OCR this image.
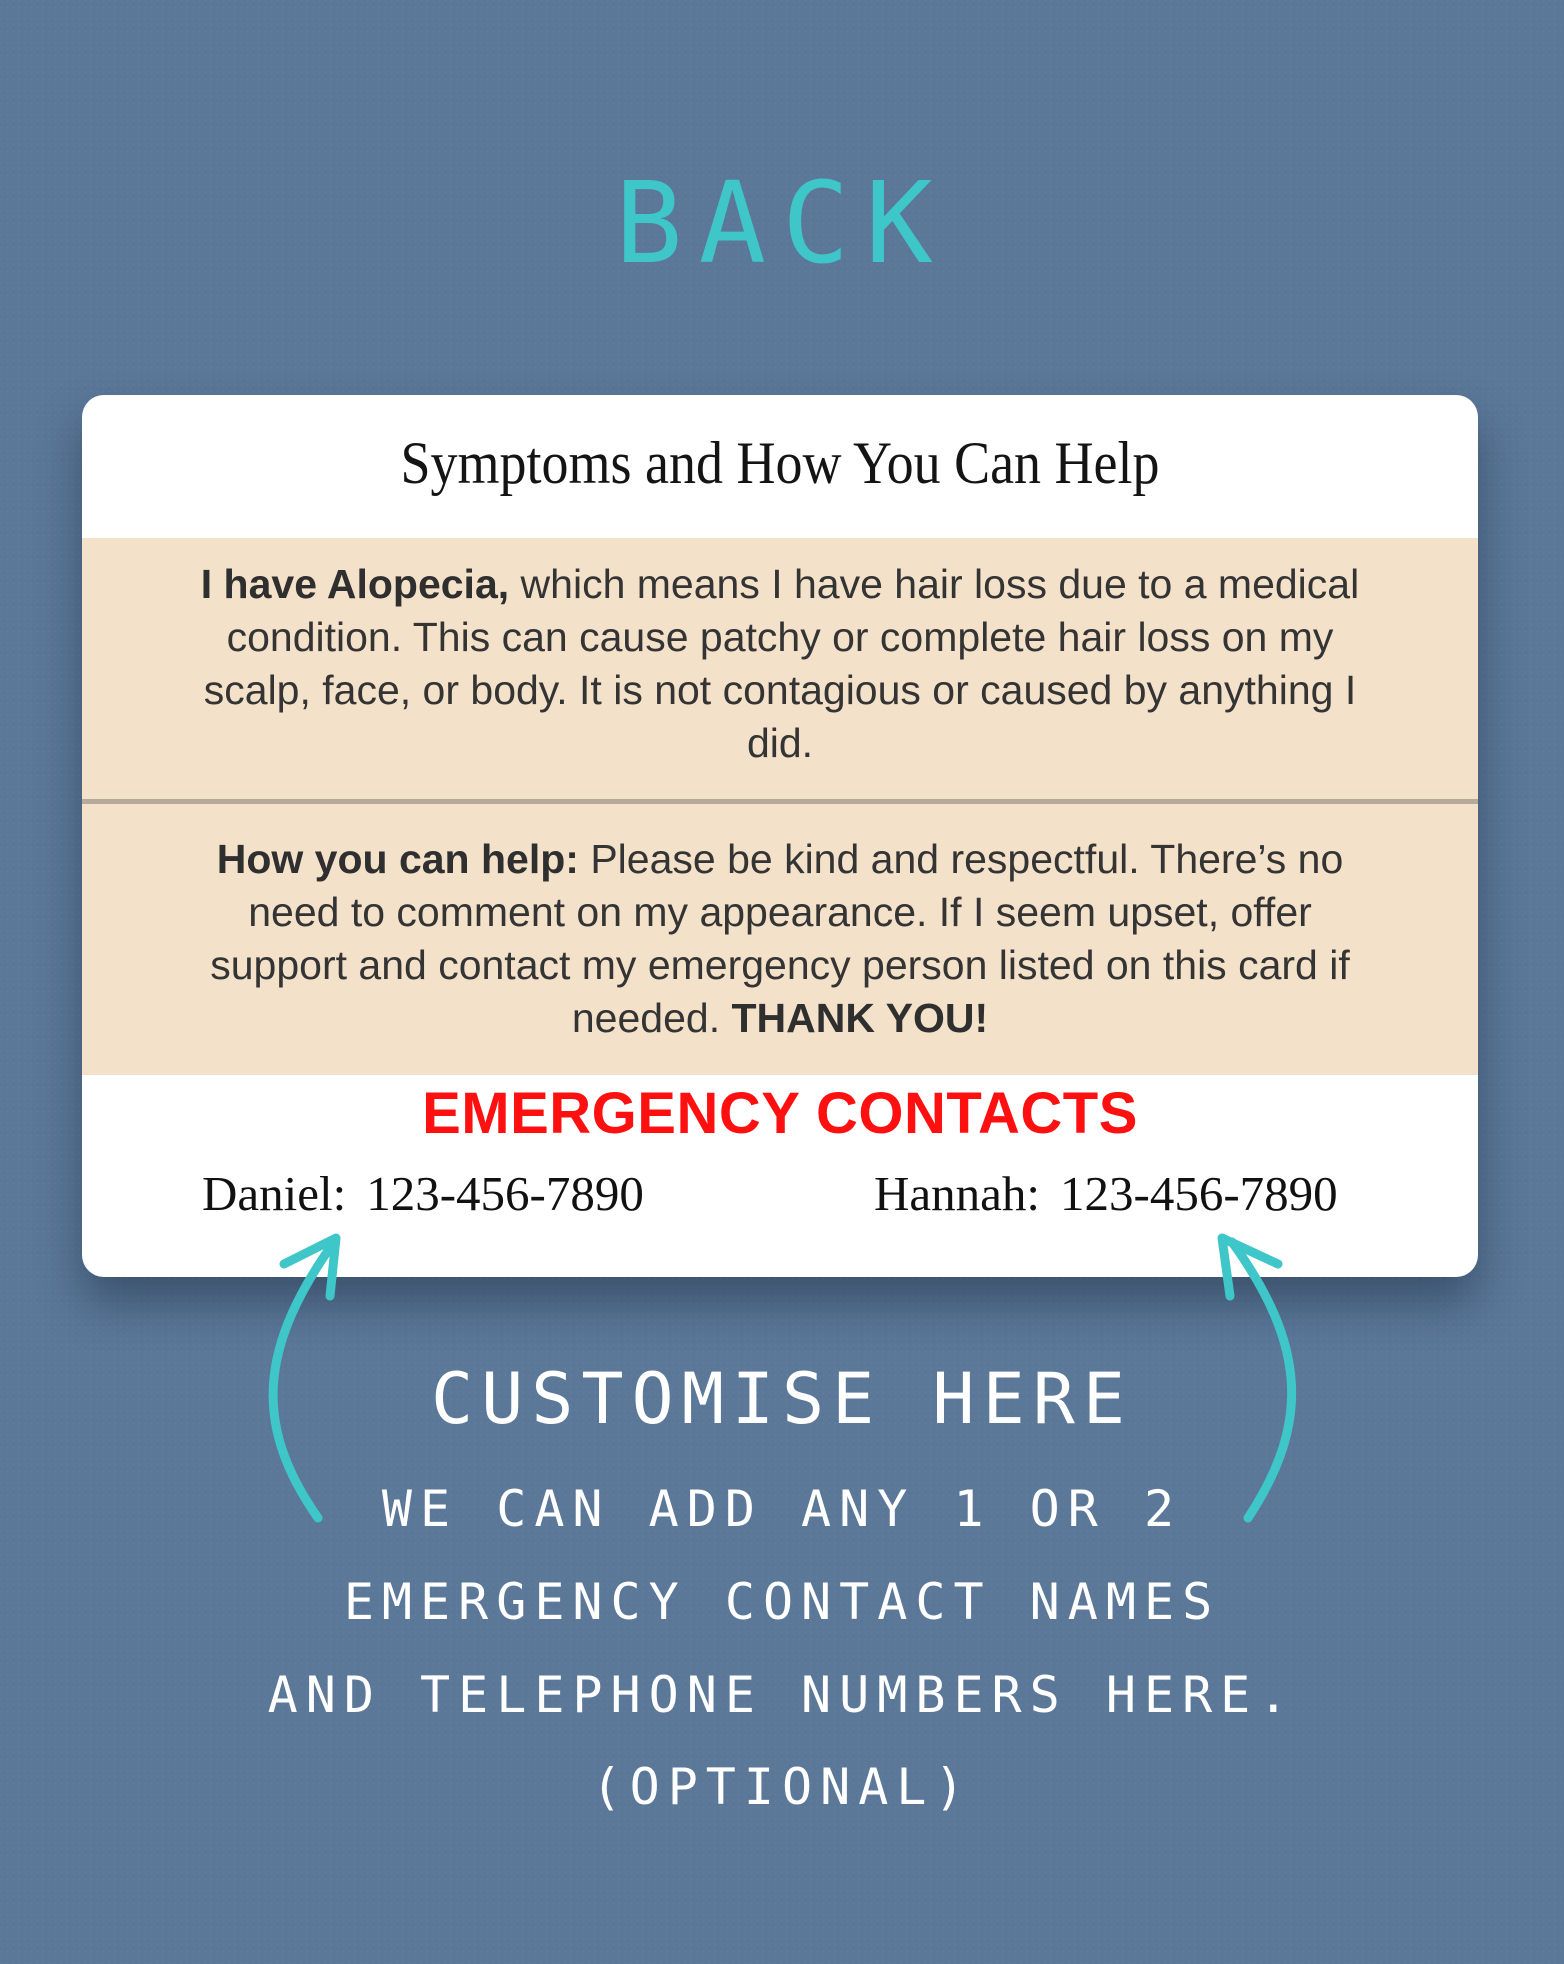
BACK
Symptoms and How You Can Help
I have Alopecia, which means I have hair loss due to a medical condition. This can cause patchy or complete hair loss on my scalp, face, or body. It is not contagious or caused by anything I did.
How you can help: Please be kind and respectful. There’s no need to comment on my appearance. If I seem upset, offer support and contact my emergency person listed on this card if needed. THANK YOU!
EMERGENCY CONTACTS
Daniel: 123-456-7890	Hannah: 123-456-7890
CUSTOMISE HERE
WE CAN ADD ANY 1 OR 2
EMERGENCY CONTACT NAMES
AND TELEPHONE NUMBERS HERE.
(OPTIONAL)
